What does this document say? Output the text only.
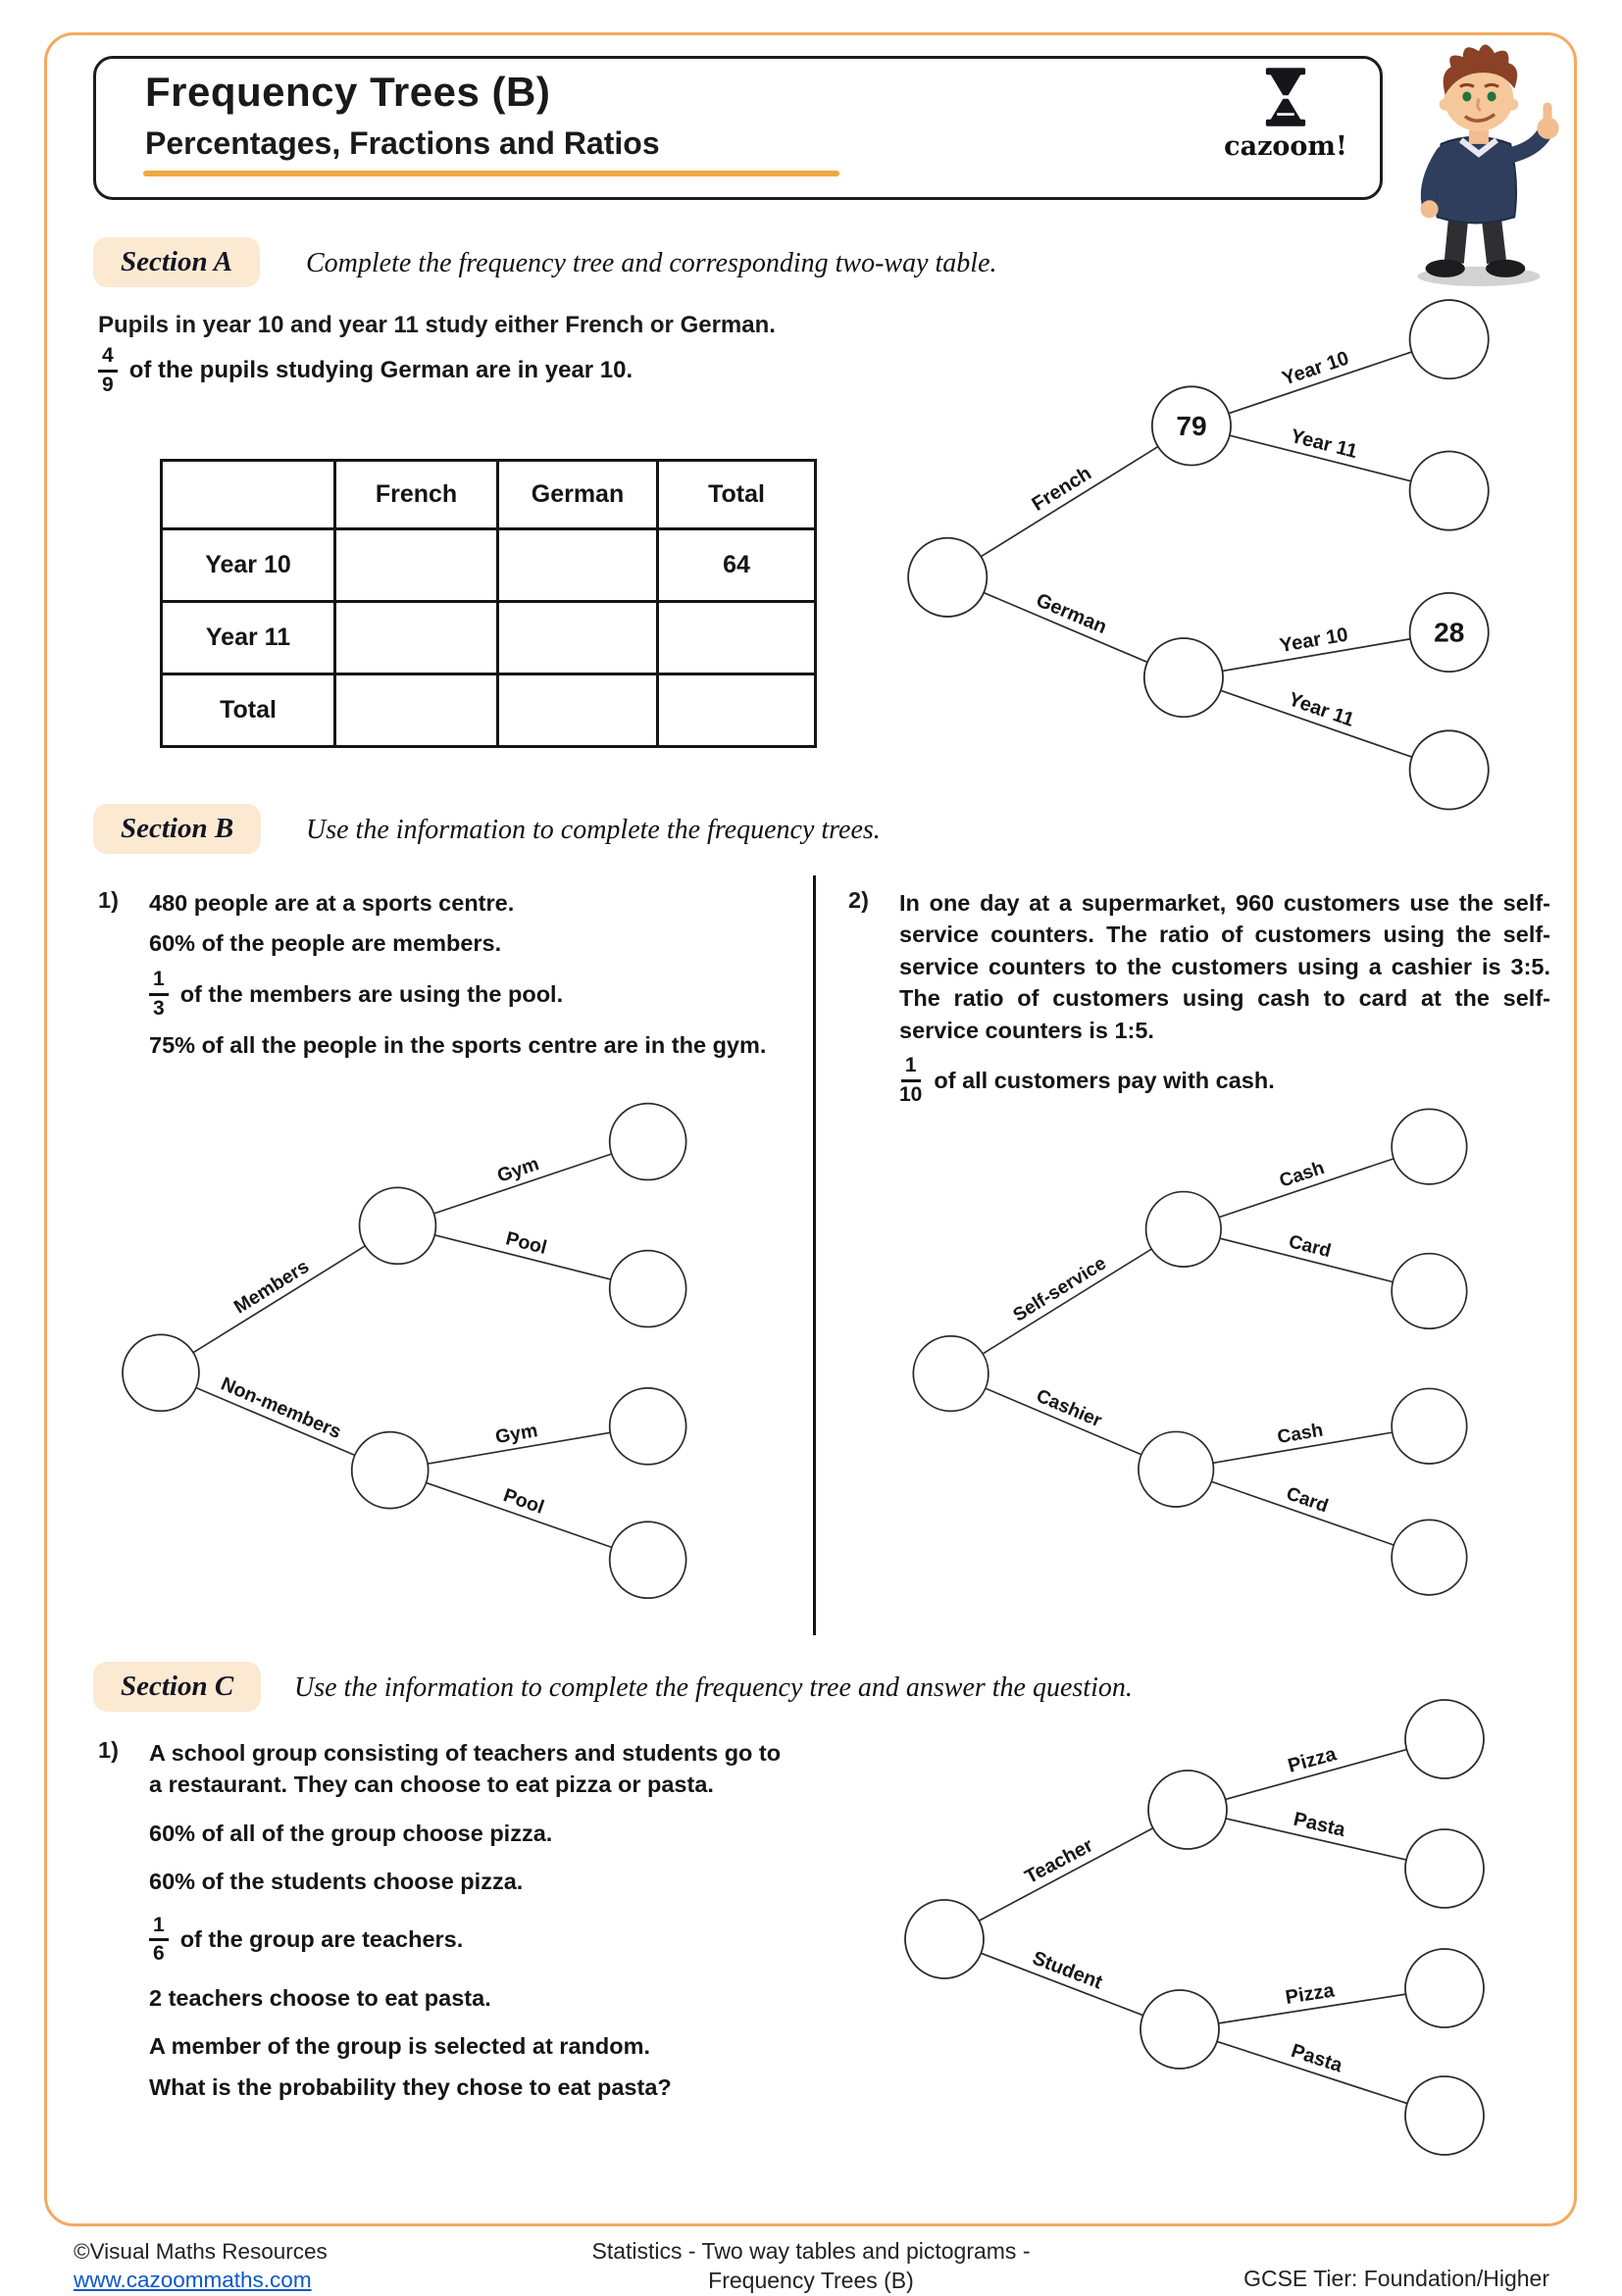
Frequency Trees (B)
Percentages, Fractions and Ratios	cazoom!
Section A	Complete the frequency tree and corresponding two-way table.
Pupils in year 10 and year 11 study either French or German.
$\frac{4}{9}$ of the pupils studying German are in year 10.
	French	German	Total
Year 10			64
Year 11			
Total			
French
German
Year 10
Year 11
Year 10
Year 11
79
28
Section B	Use the information to complete the frequency trees.
1)	480 people are at a sports centre.
60% of the people are members.
$\frac{1}{3}$ of the members are using the pool.
75% of all the people in the sports centre are in the gym.
Members
Non-members
Gym
Pool
Gym
Pool
2)	In one day at a supermarket, 960 customers use the self-service counters. The ratio of customers using the self-service counters to the customers using a cashier is 3:5. The ratio of customers using cash to card at the self-service counters is 1:5.
$\frac{1}{10}$ of all customers pay with cash.
Self-service
Cashier
Cash
Card
Cash
Card
Section C	Use the information to complete the frequency tree and answer the question.
1)	A school group consisting of teachers and students go to a restaurant. They can choose to eat pizza or pasta.
60% of all of the group choose pizza.
60% of the students choose pizza.
$\frac{1}{6}$ of the group are teachers.
2 teachers choose to eat pasta.
A member of the group is selected at random.
What is the probability they chose to eat pasta?
Teacher
Student
Pizza
Pasta
Pizza
Pasta
©Visual Maths Resources
www.cazoommaths.com
Statistics - Two way tables and pictograms -
Frequency Trees (B)	GCSE Tier: Foundation/Higher
